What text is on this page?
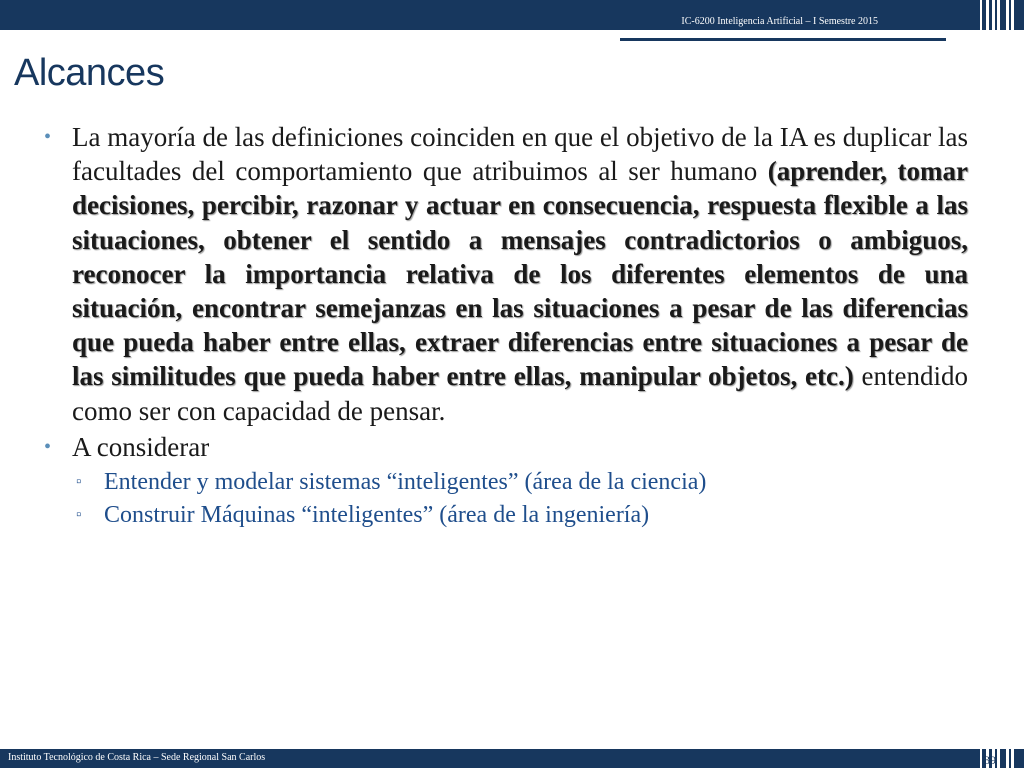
IC-6200 Inteligencia Artificial – I Semestre 2015
Alcances

• La mayoría de las definiciones coinciden en que el objetivo de la IA es duplicar las facultades del comportamiento que atribuimos al ser humano (aprender, tomar decisiones, percibir, razonar y actuar en consecuencia, respuesta flexible a las situaciones, obtener el sentido a mensajes contradictorios o ambiguos, reconocer la importancia relativa de los diferentes elementos de una situación, encontrar semejanzas en las situaciones a pesar de las diferencias que pueda haber entre ellas, extraer diferencias entre situaciones a pesar de las similitudes que pueda haber entre ellas, manipular objetos, etc.) entendido como ser con capacidad de pensar.

• A considerar

▫ Entender y modelar sistemas “inteligentes” (área de la ciencia)
▫ Construir Máquinas “inteligentes” (área de la ingeniería)
Instituto Tecnológico de Costa Rica – Sede Regional San Carlos	39
